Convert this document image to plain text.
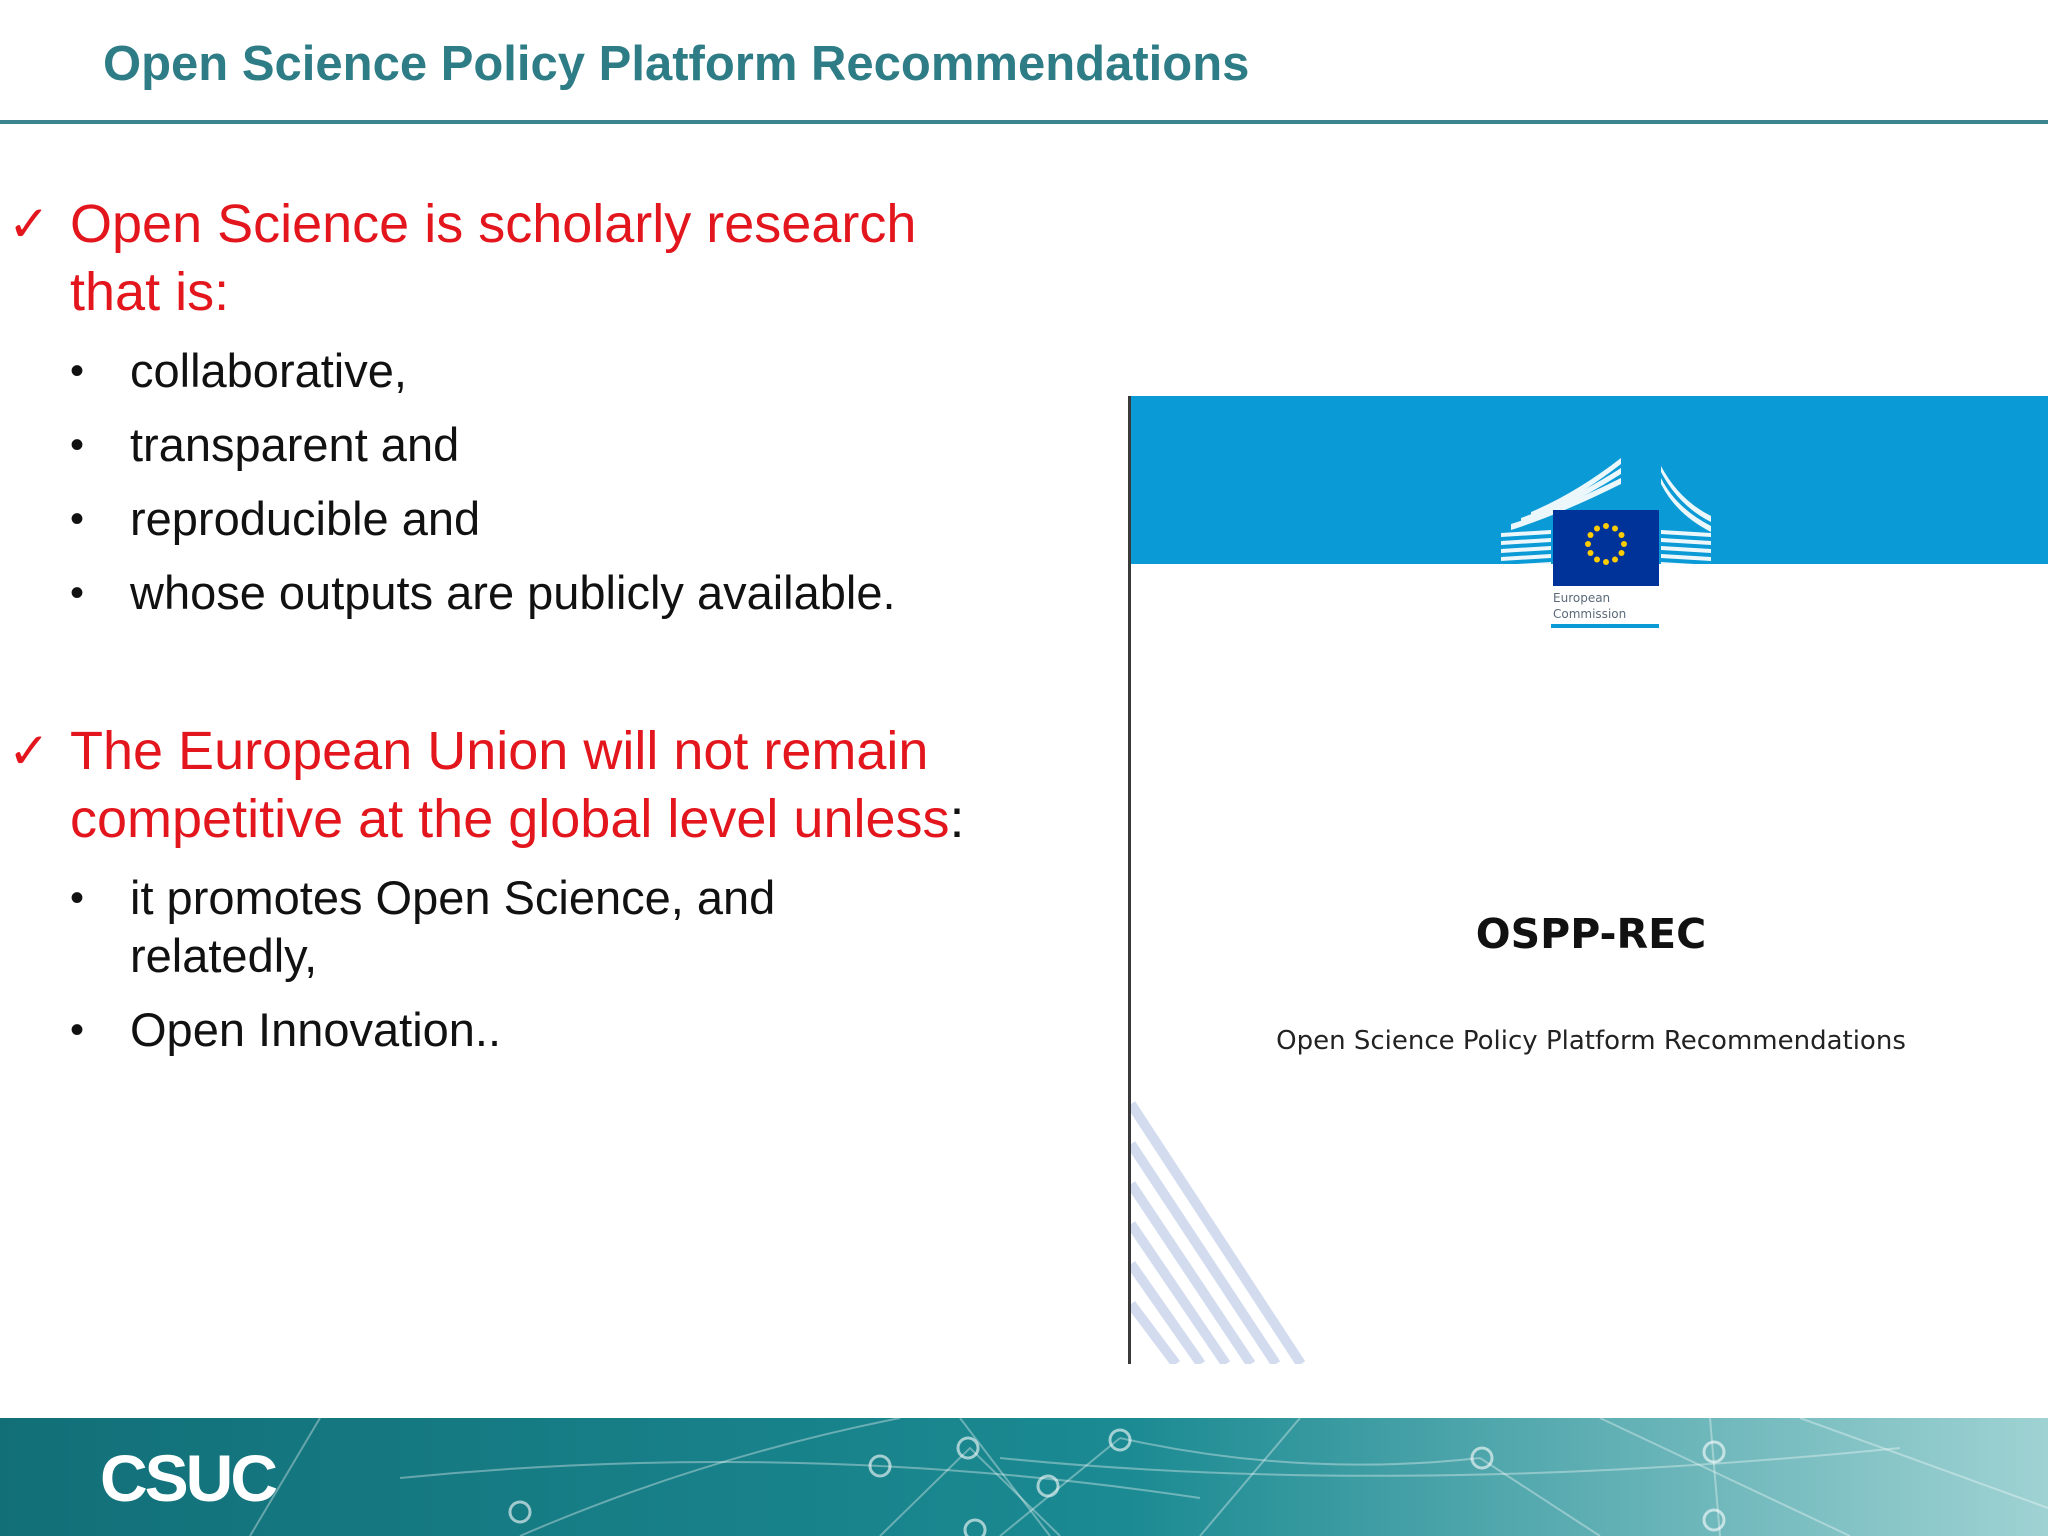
Open Science Policy Platform Recommendations
✓ Open Science is scholarly research that is:
• collaborative,
• transparent and
• reproducible and
• whose outputs are publicly available.
✓ The European Union will not remain competitive at the global level unless:
• it promotes Open Science, and relatedly,
• Open Innovation..
European
Commission
OSPP-REC
Open Science Policy Platform Recommendations
CSUC
